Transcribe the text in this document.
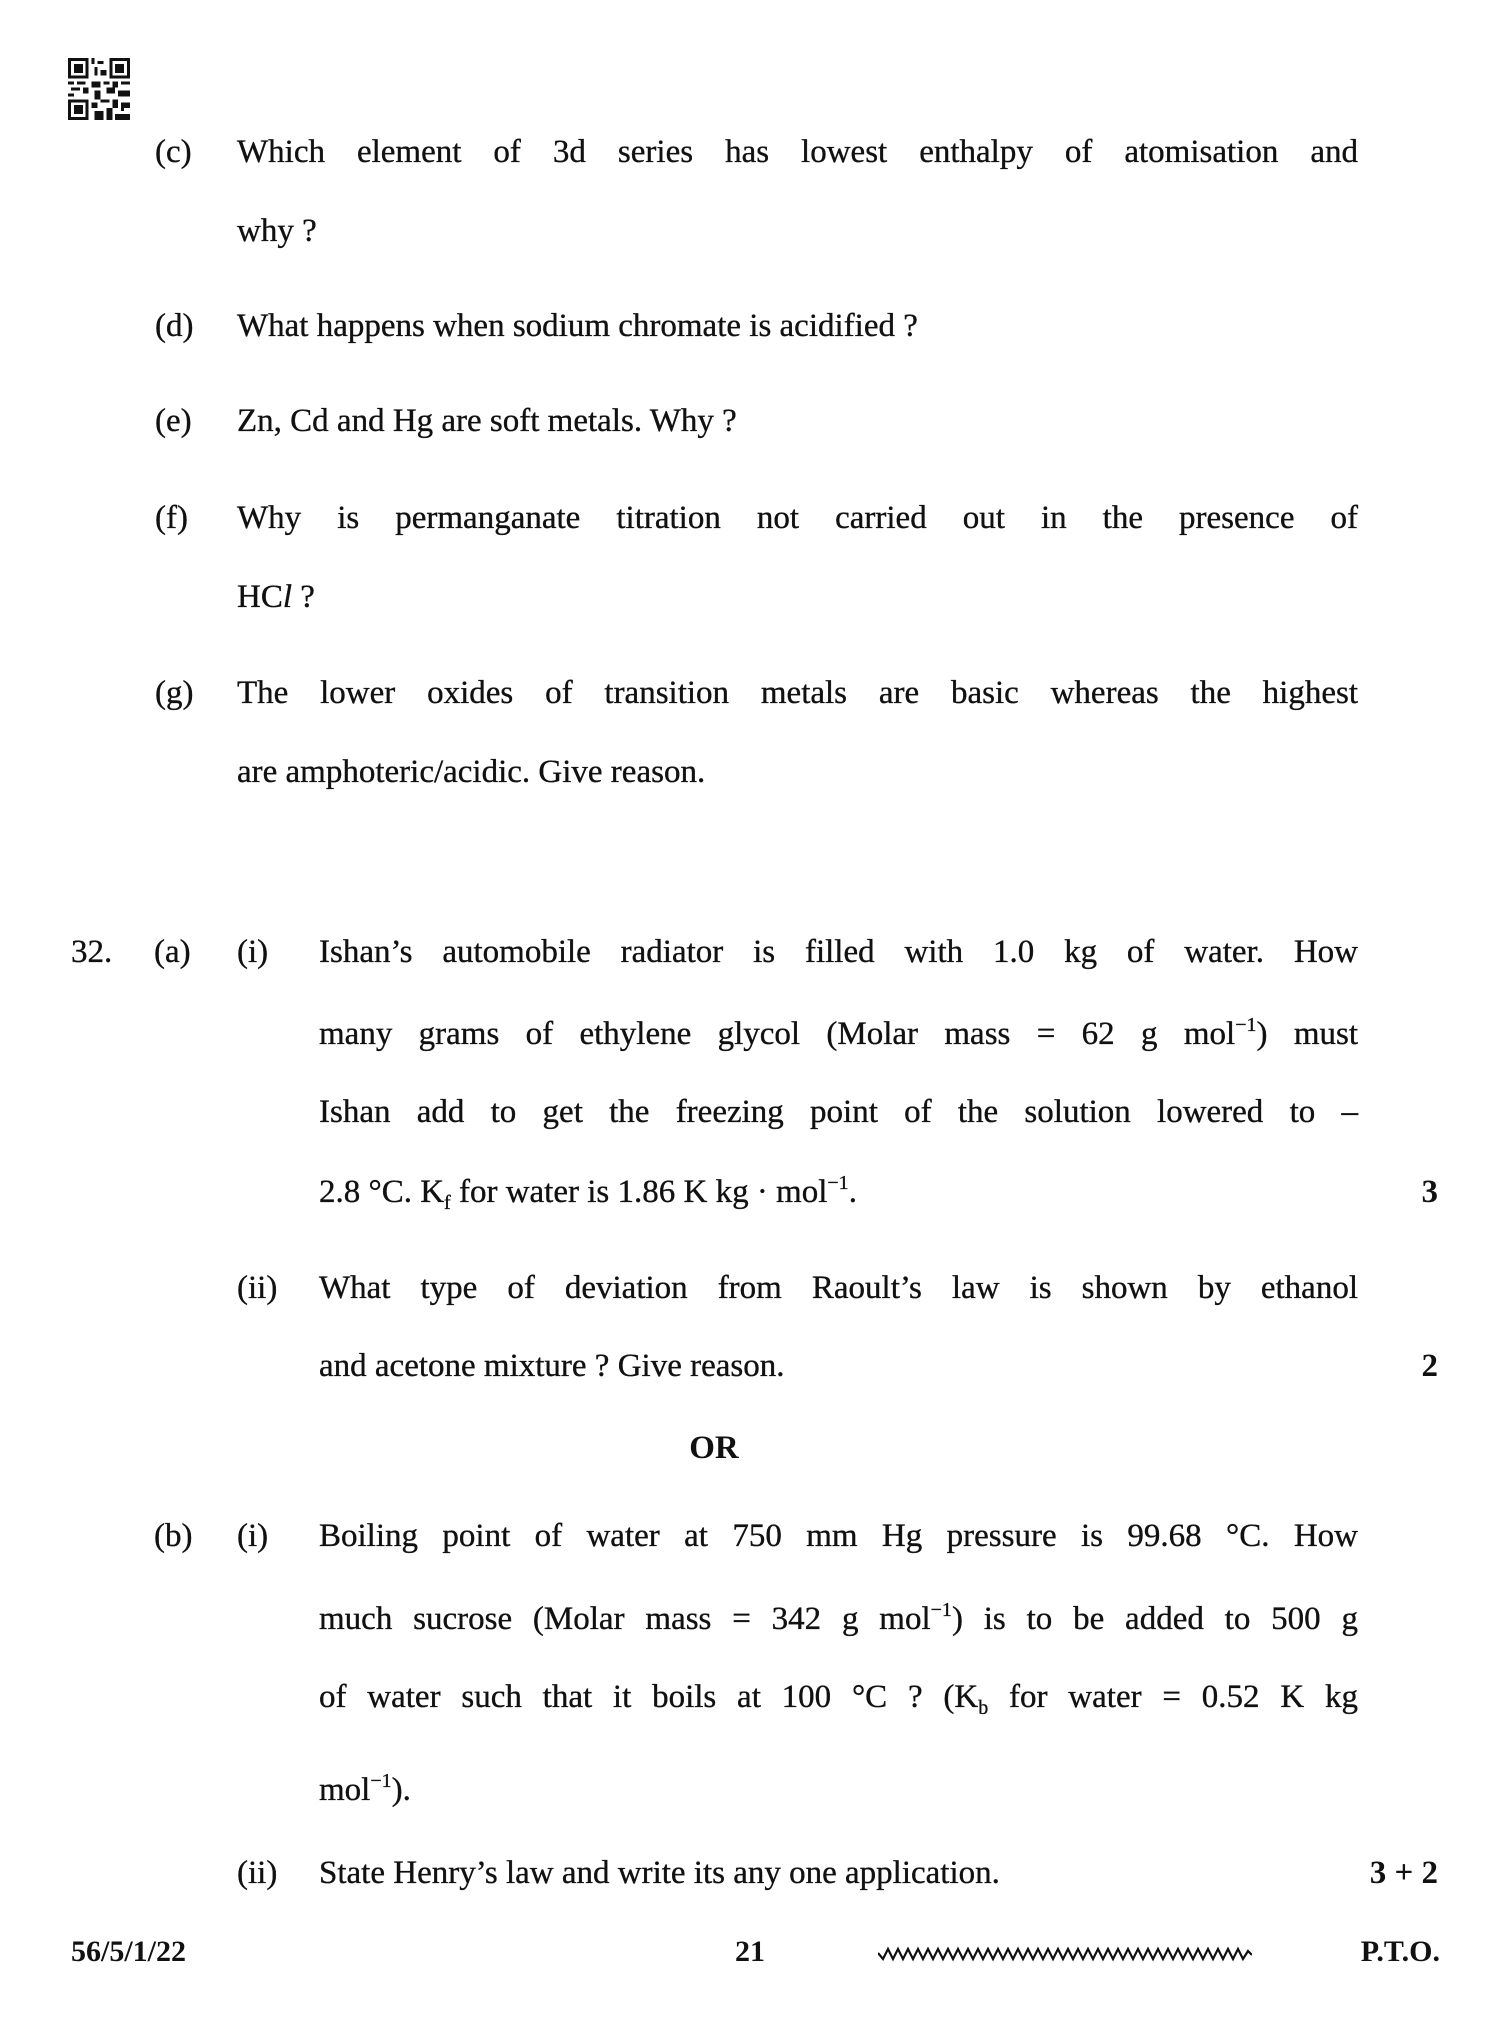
(c) Which element of 3d series has lowest enthalpy of atomisation and
why ?
(d) What happens when sodium chromate is acidified ?
(e) Zn, Cd and Hg are soft metals. Why ?
(f) Why is permanganate titration not carried out in the presence of
HCl ?
(g) The lower oxides of transition metals are basic whereas the highest
are amphoteric/acidic. Give reason.
32. (a) (i) Ishan’s automobile radiator is filled with 1.0 kg of water. How
many grams of ethylene glycol (Molar mass = 62 g mol$^{-1}$) must
Ishan add to get the freezing point of the solution lowered to –
2.8 °C. $K_f$ for water is 1.86 K kg · mol$^{-1}$.	3
(ii) What type of deviation from Raoult’s law is shown by ethanol
and acetone mixture ? Give reason.	2
OR
(b) (i) Boiling point of water at 750 mm Hg pressure is 99.68 °C. How
much sucrose (Molar mass = 342 g mol$^{-1}$) is to be added to 500 g
of water such that it boils at 100 °C ? ($K_b$ for water = 0.52 K kg
mol$^{-1}$).
(ii) State Henry’s law and write its any one application.	3 + 2
56/5/1/22	21	P.T.O.
